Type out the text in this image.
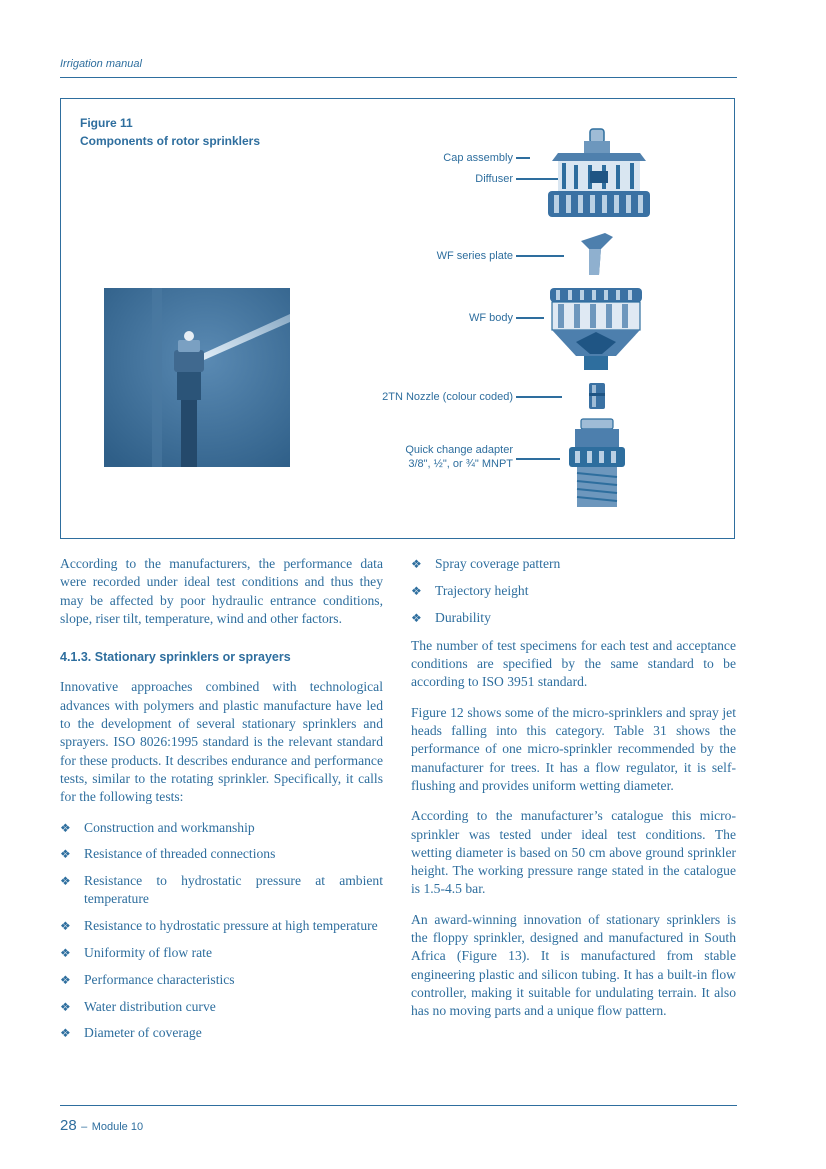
Irrigation manual
Figure 11
Components of rotor sprinklers
Cap assembly
Diffuser
WF series plate
WF body
2TN Nozzle (colour coded)
Quick change adapter
3/8", ½", or ¾" MNPT

According to the manufacturers, the performance data were recorded under ideal test conditions and thus they may be affected by poor hydraulic entrance conditions, slope, riser tilt, temperature, wind and other factors.

4.1.3. Stationary sprinklers or sprayers

Innovative approaches combined with technological advances with polymers and plastic manufacture have led to the development of several stationary sprinklers and sprayers. ISO 8026:1995 standard is the relevant standard for these products. It describes endurance and performance tests, similar to the rotating sprinkler. Specifically, it calls for the following tests:

❖ Construction and workmanship
❖ Resistance of threaded connections
❖ Resistance to hydrostatic pressure at ambient temperature
❖ Resistance to hydrostatic pressure at high temperature
❖ Uniformity of flow rate
❖ Performance characteristics
❖ Water distribution curve
❖ Diameter of coverage
❖ Spray coverage pattern
❖ Trajectory height
❖ Durability

The number of test specimens for each test and acceptance conditions are specified by the same standard to be according to ISO 3951 standard.

Figure 12 shows some of the micro-sprinklers and spray jet heads falling into this category. Table 31 shows the performance of one micro-sprinkler recommended by the manufacturer for trees. It has a flow regulator, it is self-flushing and provides uniform wetting diameter.

According to the manufacturer’s catalogue this micro-sprinkler was tested under ideal test conditions. The wetting diameter is based on 50 cm above ground sprinkler height. The working pressure range stated in the catalogue is 1.5-4.5 bar.

An award-winning innovation of stationary sprinklers is the floppy sprinkler, designed and manufactured in South Africa (Figure 13). It is manufactured from stable engineering plastic and silicon tubing. It has a built-in flow controller, making it suitable for undulating terrain. It also has no moving parts and a unique flow pattern.

28 – Module 10
